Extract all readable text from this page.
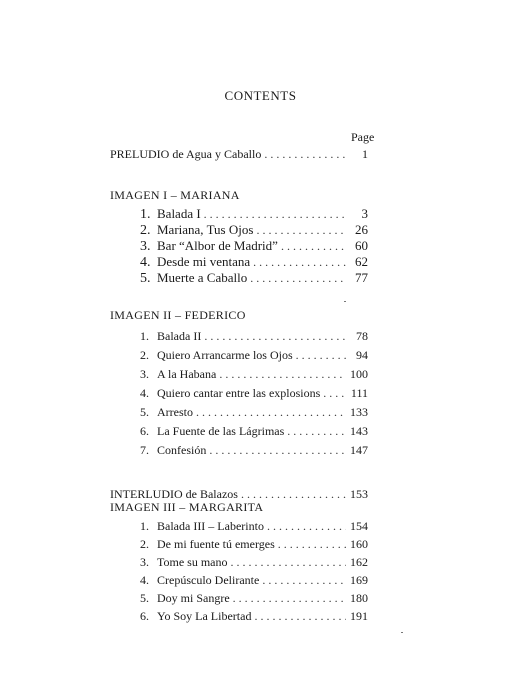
CONTENTS
Page
PRELUDIO de Agua y Caballo . . .	1
IMAGEN I – MARIANA
1. Balada I . . .	3
2. Mariana, Tus Ojos . . .	26
3. Bar “Albor de Madrid” . . .	60
4. Desde mi ventana . . .	62
5. Muerte a Caballo . . .	77
IMAGEN II – FEDERICO
1. Balada II . . .	78
2. Quiero Arrancarme los Ojos . . .	94
3. A la Habana . . .	100
4. Quiero cantar entre las explosions . . .	111
5. Arresto . . .	133
6. La Fuente de las Lágrimas . . .	143
7. Confesión . . .	147
INTERLUDIO de Balazos . . .	153
IMAGEN III – MARGARITA
1. Balada III – Laberinto . . .	154
2. De mi fuente tú emerges . . .	160
3. Tome su mano . . .	162
4. Crepúsculo Delirante . . .	169
5. Doy mi Sangre . . .	180
6. Yo Soy La Libertad . . .	191
